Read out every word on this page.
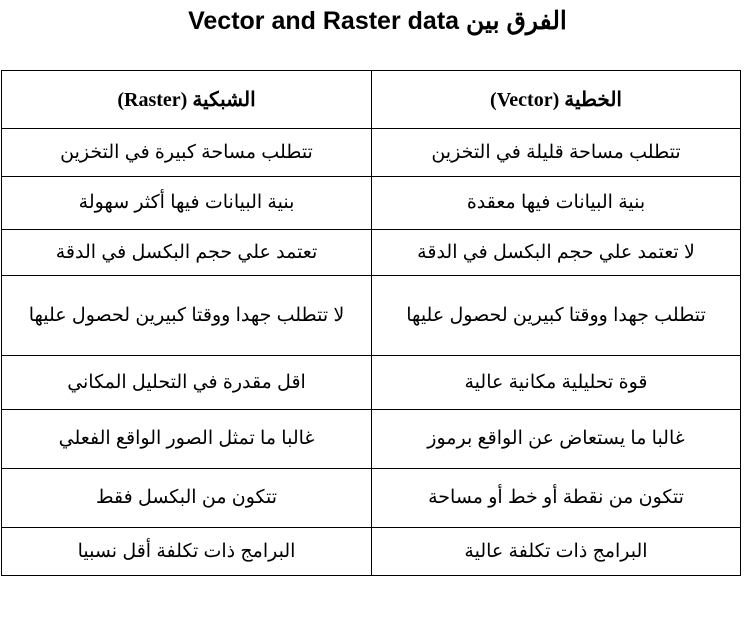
Vector and Raster data الفرق بين
الشبكية (Raster)	الخطية (Vector)
تتطلب مساحة كبيرة في التخزين	تتطلب مساحة قليلة في التخزين
بنية البيانات فيها أكثر سهولة	بنية البيانات فيها معقدة
تعتمد علي حجم البكسل في الدقة	لا تعتمد علي حجم البكسل في الدقة
لا تتطلب جهدا ووقتا كبيرين لحصول عليها	تتطلب جهدا ووقتا كبيرين لحصول عليها
اقل مقدرة في التحليل المكاني	قوة تحليلية مكانية عالية
غالبا ما تمثل الصور الواقع الفعلي	غالبا ما يستعاض عن الواقع برموز
تتكون من البكسل فقط	تتكون من نقطة أو خط أو مساحة
البرامج ذات تكلفة أقل نسبيا	البرامج ذات تكلفة عالية
